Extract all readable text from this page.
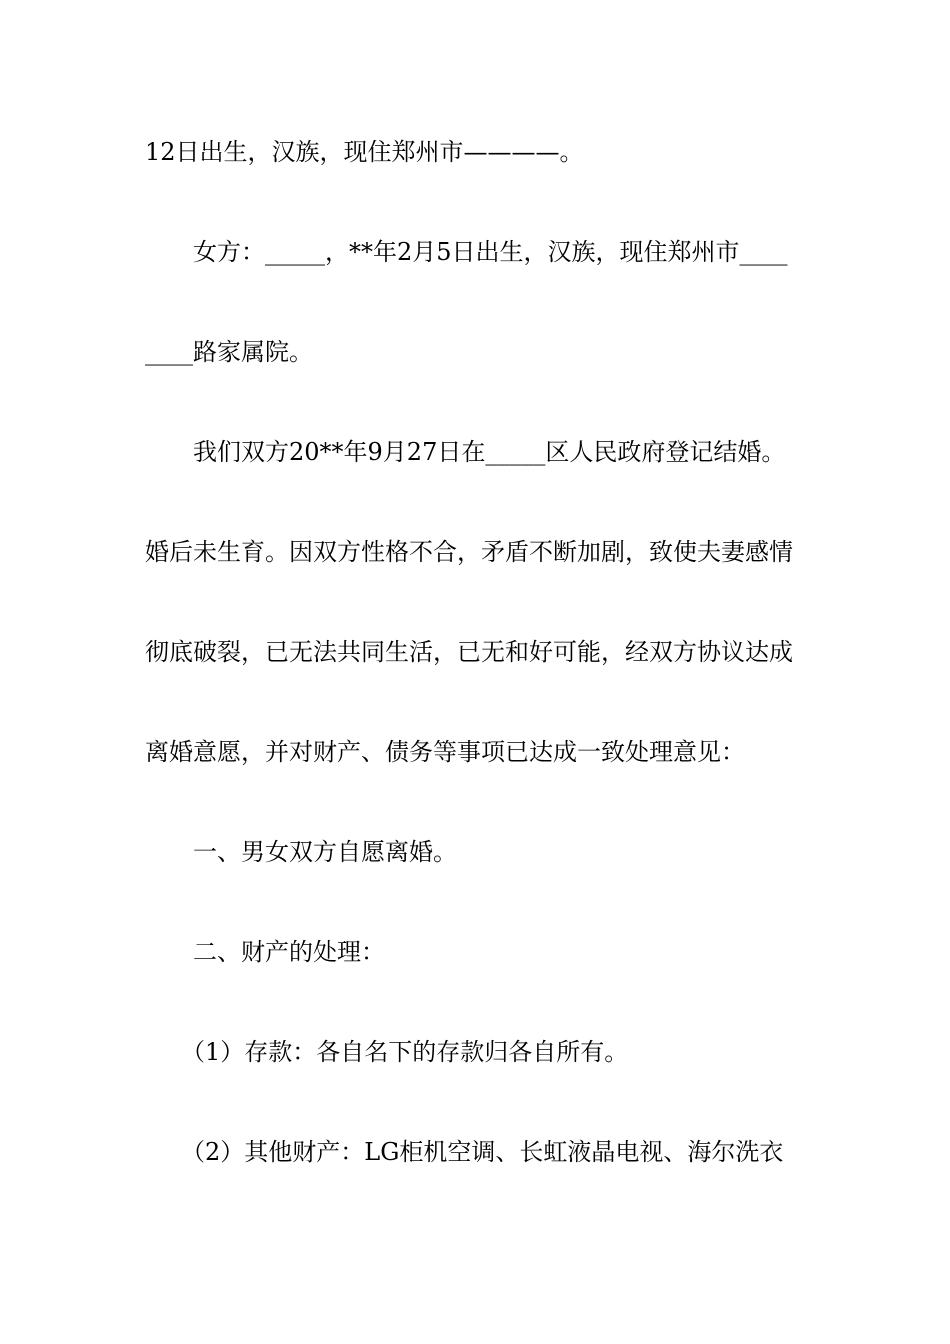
12日出生，汉族，现住郑州市————。
女方：_____，**年2月5日出生，汉族，现住郑州市____
____路家属院。
我们双方20**年9月27日在_____区人民政府登记结婚。
婚后未生育。因双方性格不合，矛盾不断加剧，致使夫妻感情
彻底破裂，已无法共同生活，已无和好可能，经双方协议达成
离婚意愿，并对财产、债务等事项已达成一致处理意见：
一、男女双方自愿离婚。
二、财产的处理：
（1）存款：各自名下的存款归各自所有。
（2）其他财产：LG柜机空调、长虹液晶电视、海尔洗衣
